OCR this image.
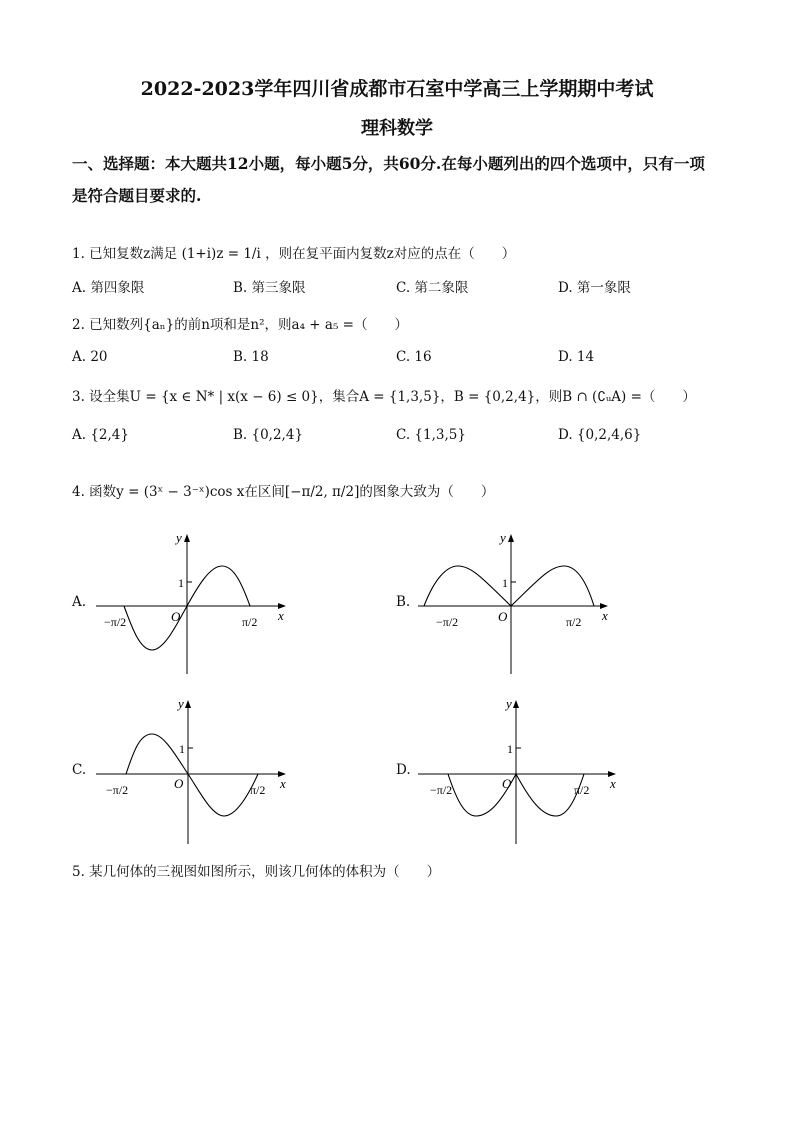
2022-2023学年四川省成都市石室中学高三上学期期中考试
理科数学
一、选择题：本大题共12小题，每小题5分，共60分.在每小题列出的四个选项中，只有一项
是符合题目要求的.
1. 已知复数z满足 (1+i)z = 1/i ，则在复平面内复数z对应的点在（　　）
A. 第四象限	B. 第三象限	C. 第二象限	D. 第一象限
2. 已知数列{aₙ}的前n项和是n²，则a₄ + a₅ =（　　）
A. 20	B. 18	C. 16	D. 14
3. 设全集U = {x ∈ N* | x(x − 6) ≤ 0}，集合A = {1,3,5}，B = {0,2,4}，则B ∩ (∁ᵤA) =（　　）
A. {2,4}	B. {0,2,4}	C. {1,3,5}	D. {0,2,4,6}
4. 函数y = (3ˣ − 3⁻ˣ)cos x在区间[−π/2, π/2]的图象大致为（　　）
A.
y
x
O
1
−π/2	π/2
B.
y
x
O
1
−π/2	π/2
C.
y
x
O
1
−π/2	π/2
D.
y
x
O
1
−π/2	π/2
5. 某几何体的三视图如图所示，则该几何体的体积为（　　）
